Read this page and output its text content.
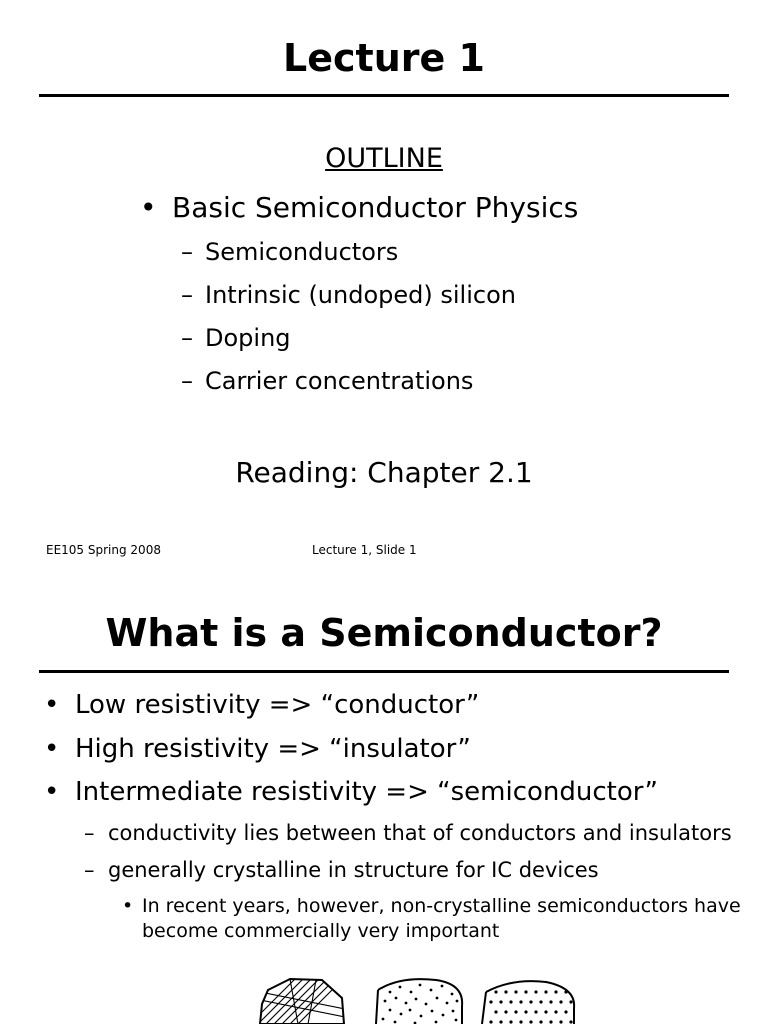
Lecture 1
OUTLINE
• Basic Semiconductor Physics
– Semiconductors
– Intrinsic (undoped) silicon
– Doping
– Carrier concentrations
Reading: Chapter 2.1
EE105 Spring 2008	Lecture 1, Slide 1
What is a Semiconductor?
• Low resistivity => “conductor”
• High resistivity => “insulator”
• Intermediate resistivity => “semiconductor”
– conductivity lies between that of conductors and insulators
– generally crystalline in structure for IC devices
• In recent years, however, non-crystalline semiconductors have
become commercially very important
